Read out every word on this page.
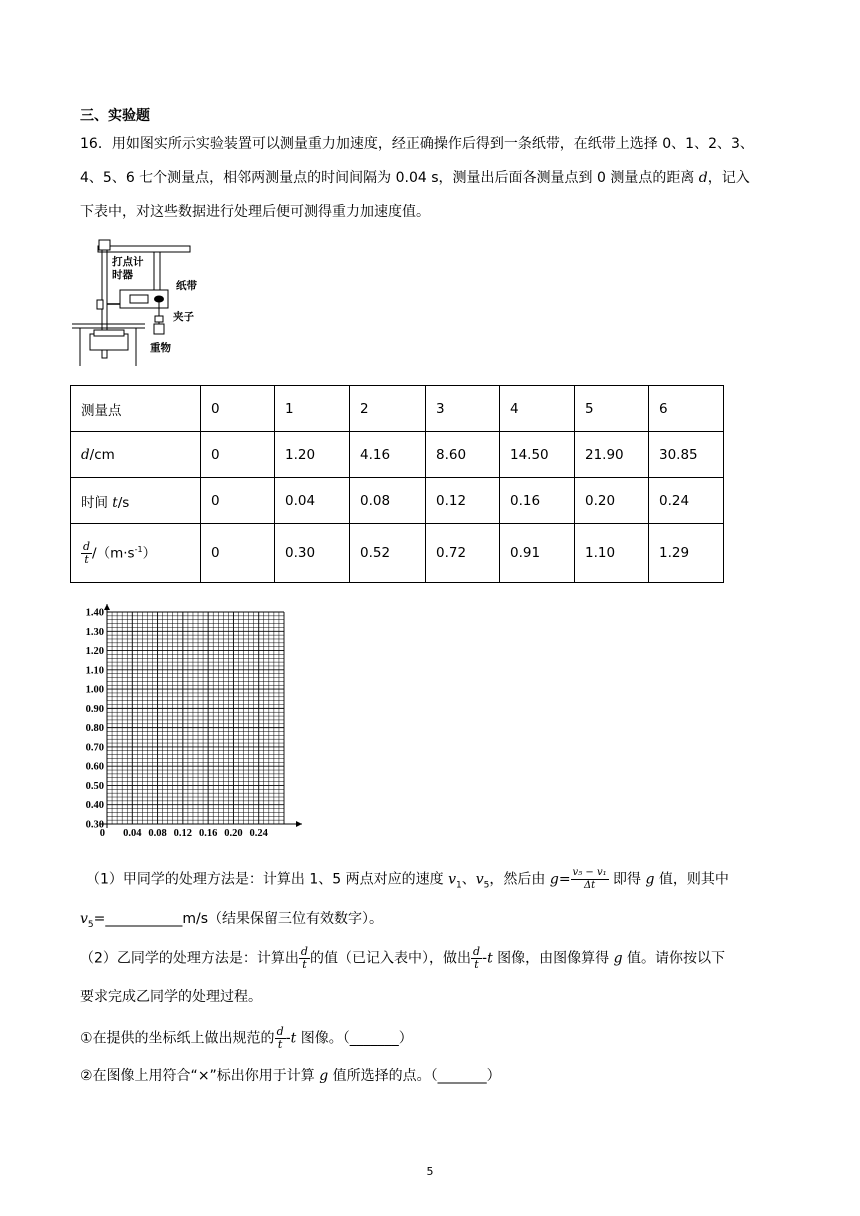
三、实验题
16．用如图实所示实验装置可以测量重力加速度，经正确操作后得到一条纸带，在纸带上选择 0、1、2、3、
4、5、6 七个测量点，相邻两测量点的时间间隔为 0.04 s，测量出后面各测量点到 0 测量点的距离 d，记入
下表中，对这些数据进行处理后便可测得重力加速度值。
打点计
时器
纸带
夹子
重物
测量点	0	1	2	3	4	5	6
d/cm	0	1.20	4.16	8.60	14.50	21.90	30.85
时间 t/s	0	0.04	0.08	0.12	0.16	0.20	0.24

$\frac{d}{t} /(m\cdot s^{-1})$	0	0.30	0.52	0.72	0.91	1.10	1.29
0.30
0.40
0.50
0.60
0.70
0.80
0.90
1.00
1.10
1.20
1.30
1.40
0 0.04 0.08 0.12 0.16 0.20 0.24
（1）甲同学的处理方法是：计算出 1、5 两点对应的速度 $v_1$、$v_5$，然后由 $g= \frac{\text{v₅ − v₁}}{\Delta t}$ 即得 g 值，则其中
$v_5=\_\_\_\_\_\_\_\_\_\_\_m/s$（结果保留三位有效数字）。
（2）乙同学的处理方法是：计算出 $\frac{d}{t}$ 的值（已记入表中），做出 $\frac{d}{t} -t$ 图像，由图像算得 g 值。请你按以下
要求完成乙同学的处理过程。
①在提供的坐标纸上做出规范的 $\frac{d}{t} -t$ 图像。（_______）
②在图像上用符合“×”标出你用于计算 g 值所选择的点。（_______）
5
